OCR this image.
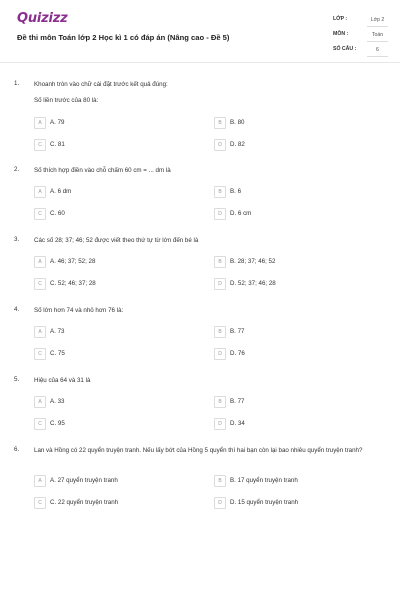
Quizizz
Đề thi môn Toán lớp 2 Học kì 1 có đáp án (Nâng cao - Đề 5)
LỚP :	Lớp 2
MÔN :	Toán
SỐ CÂU :	6
1. Khoanh tròn vào chữ cái đặt trước kết quả đúng:
Số liền trước của 80 là:
A	A. 79	B	B. 80
C	C. 81	D	D. 82
2. Số thích hợp điền vào chỗ chấm 60 cm = ... dm là
A	A. 6 dm	B	B. 6
C	C. 60	D	D. 6 cm
3. Các số 28; 37; 46; 52 được viết theo thứ tự từ lớn đến bé là
A	A. 46; 37; 52; 28	B	B. 28; 37; 46; 52
C	C. 52; 46; 37; 28	D	D. 52; 37; 46; 28
4. Số lớn hơn 74 và nhỏ hơn 76 là:
A	A. 73	B	B. 77
C	C. 75	D	D. 76
5. Hiệu của 64 và 31 là
A	A. 33	B	B. 77
C	C. 95	D	D. 34
6. Lan và Hồng có 22 quyển truyện tranh. Nếu lấy bớt của Hồng 5 quyển thì hai bạn còn lại bao nhiêu quyển truyện tranh?
A	A. 27 quyển truyện tranh	B	B. 17 quyển truyện tranh
C	C. 22 quyển truyện tranh	D	D. 15 quyển truyện tranh
